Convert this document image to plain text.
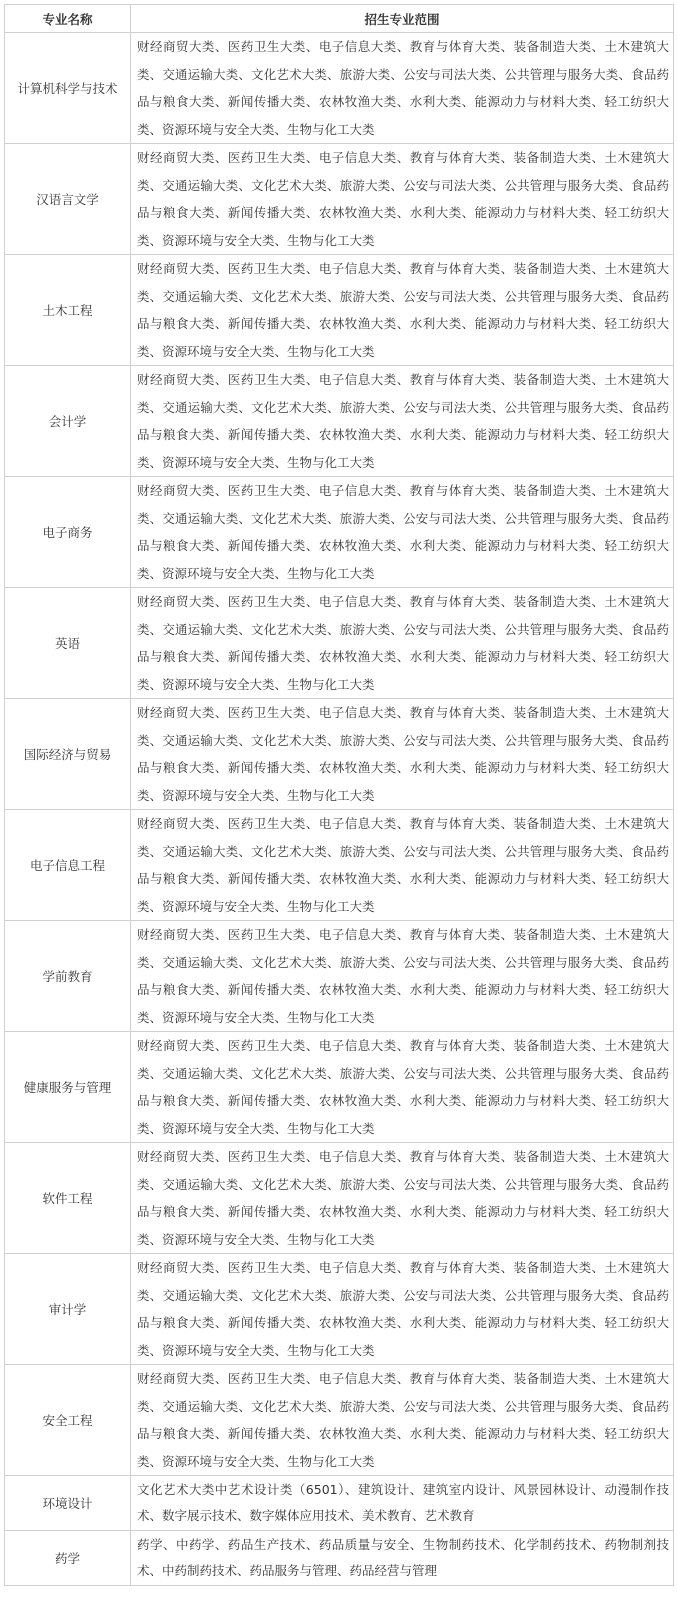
专业名称	招生专业范围
计算机科学与技术	财经商贸大类、医药卫生大类、电子信息大类、教育与体育大类、装备制造大类、土木建筑大类、交通运输大类、文化艺术大类、旅游大类、公安与司法大类、公共管理与服务大类、食品药品与粮食大类、新闻传播大类、农林牧渔大类、水利大类、能源动力与材料大类、轻工纺织大类、资源环境与安全大类、生物与化工大类
汉语言文学	财经商贸大类、医药卫生大类、电子信息大类、教育与体育大类、装备制造大类、土木建筑大类、交通运输大类、文化艺术大类、旅游大类、公安与司法大类、公共管理与服务大类、食品药品与粮食大类、新闻传播大类、农林牧渔大类、水利大类、能源动力与材料大类、轻工纺织大类、资源环境与安全大类、生物与化工大类
土木工程	财经商贸大类、医药卫生大类、电子信息大类、教育与体育大类、装备制造大类、土木建筑大类、交通运输大类、文化艺术大类、旅游大类、公安与司法大类、公共管理与服务大类、食品药品与粮食大类、新闻传播大类、农林牧渔大类、水利大类、能源动力与材料大类、轻工纺织大类、资源环境与安全大类、生物与化工大类
会计学	财经商贸大类、医药卫生大类、电子信息大类、教育与体育大类、装备制造大类、土木建筑大类、交通运输大类、文化艺术大类、旅游大类、公安与司法大类、公共管理与服务大类、食品药品与粮食大类、新闻传播大类、农林牧渔大类、水利大类、能源动力与材料大类、轻工纺织大类、资源环境与安全大类、生物与化工大类
电子商务	财经商贸大类、医药卫生大类、电子信息大类、教育与体育大类、装备制造大类、土木建筑大类、交通运输大类、文化艺术大类、旅游大类、公安与司法大类、公共管理与服务大类、食品药品与粮食大类、新闻传播大类、农林牧渔大类、水利大类、能源动力与材料大类、轻工纺织大类、资源环境与安全大类、生物与化工大类
英语	财经商贸大类、医药卫生大类、电子信息大类、教育与体育大类、装备制造大类、土木建筑大类、交通运输大类、文化艺术大类、旅游大类、公安与司法大类、公共管理与服务大类、食品药品与粮食大类、新闻传播大类、农林牧渔大类、水利大类、能源动力与材料大类、轻工纺织大类、资源环境与安全大类、生物与化工大类
国际经济与贸易	财经商贸大类、医药卫生大类、电子信息大类、教育与体育大类、装备制造大类、土木建筑大类、交通运输大类、文化艺术大类、旅游大类、公安与司法大类、公共管理与服务大类、食品药品与粮食大类、新闻传播大类、农林牧渔大类、水利大类、能源动力与材料大类、轻工纺织大类、资源环境与安全大类、生物与化工大类
电子信息工程	财经商贸大类、医药卫生大类、电子信息大类、教育与体育大类、装备制造大类、土木建筑大类、交通运输大类、文化艺术大类、旅游大类、公安与司法大类、公共管理与服务大类、食品药品与粮食大类、新闻传播大类、农林牧渔大类、水利大类、能源动力与材料大类、轻工纺织大类、资源环境与安全大类、生物与化工大类
学前教育	财经商贸大类、医药卫生大类、电子信息大类、教育与体育大类、装备制造大类、土木建筑大类、交通运输大类、文化艺术大类、旅游大类、公安与司法大类、公共管理与服务大类、食品药品与粮食大类、新闻传播大类、农林牧渔大类、水利大类、能源动力与材料大类、轻工纺织大类、资源环境与安全大类、生物与化工大类
健康服务与管理	财经商贸大类、医药卫生大类、电子信息大类、教育与体育大类、装备制造大类、土木建筑大类、交通运输大类、文化艺术大类、旅游大类、公安与司法大类、公共管理与服务大类、食品药品与粮食大类、新闻传播大类、农林牧渔大类、水利大类、能源动力与材料大类、轻工纺织大类、资源环境与安全大类、生物与化工大类
软件工程	财经商贸大类、医药卫生大类、电子信息大类、教育与体育大类、装备制造大类、土木建筑大类、交通运输大类、文化艺术大类、旅游大类、公安与司法大类、公共管理与服务大类、食品药品与粮食大类、新闻传播大类、农林牧渔大类、水利大类、能源动力与材料大类、轻工纺织大类、资源环境与安全大类、生物与化工大类
审计学	财经商贸大类、医药卫生大类、电子信息大类、教育与体育大类、装备制造大类、土木建筑大类、交通运输大类、文化艺术大类、旅游大类、公安与司法大类、公共管理与服务大类、食品药品与粮食大类、新闻传播大类、农林牧渔大类、水利大类、能源动力与材料大类、轻工纺织大类、资源环境与安全大类、生物与化工大类
安全工程	财经商贸大类、医药卫生大类、电子信息大类、教育与体育大类、装备制造大类、土木建筑大类、交通运输大类、文化艺术大类、旅游大类、公安与司法大类、公共管理与服务大类、食品药品与粮食大类、新闻传播大类、农林牧渔大类、水利大类、能源动力与材料大类、轻工纺织大类、资源环境与安全大类、生物与化工大类
环境设计	文化艺术大类中艺术设计类（6501）、建筑设计、建筑室内设计、风景园林设计、动漫制作技术、数字展示技术、数字媒体应用技术、美术教育、艺术教育
药学	药学、中药学、药品生产技术、药品质量与安全、生物制药技术、化学制药技术、药物制剂技术、中药制药技术、药品服务与管理、药品经营与管理
